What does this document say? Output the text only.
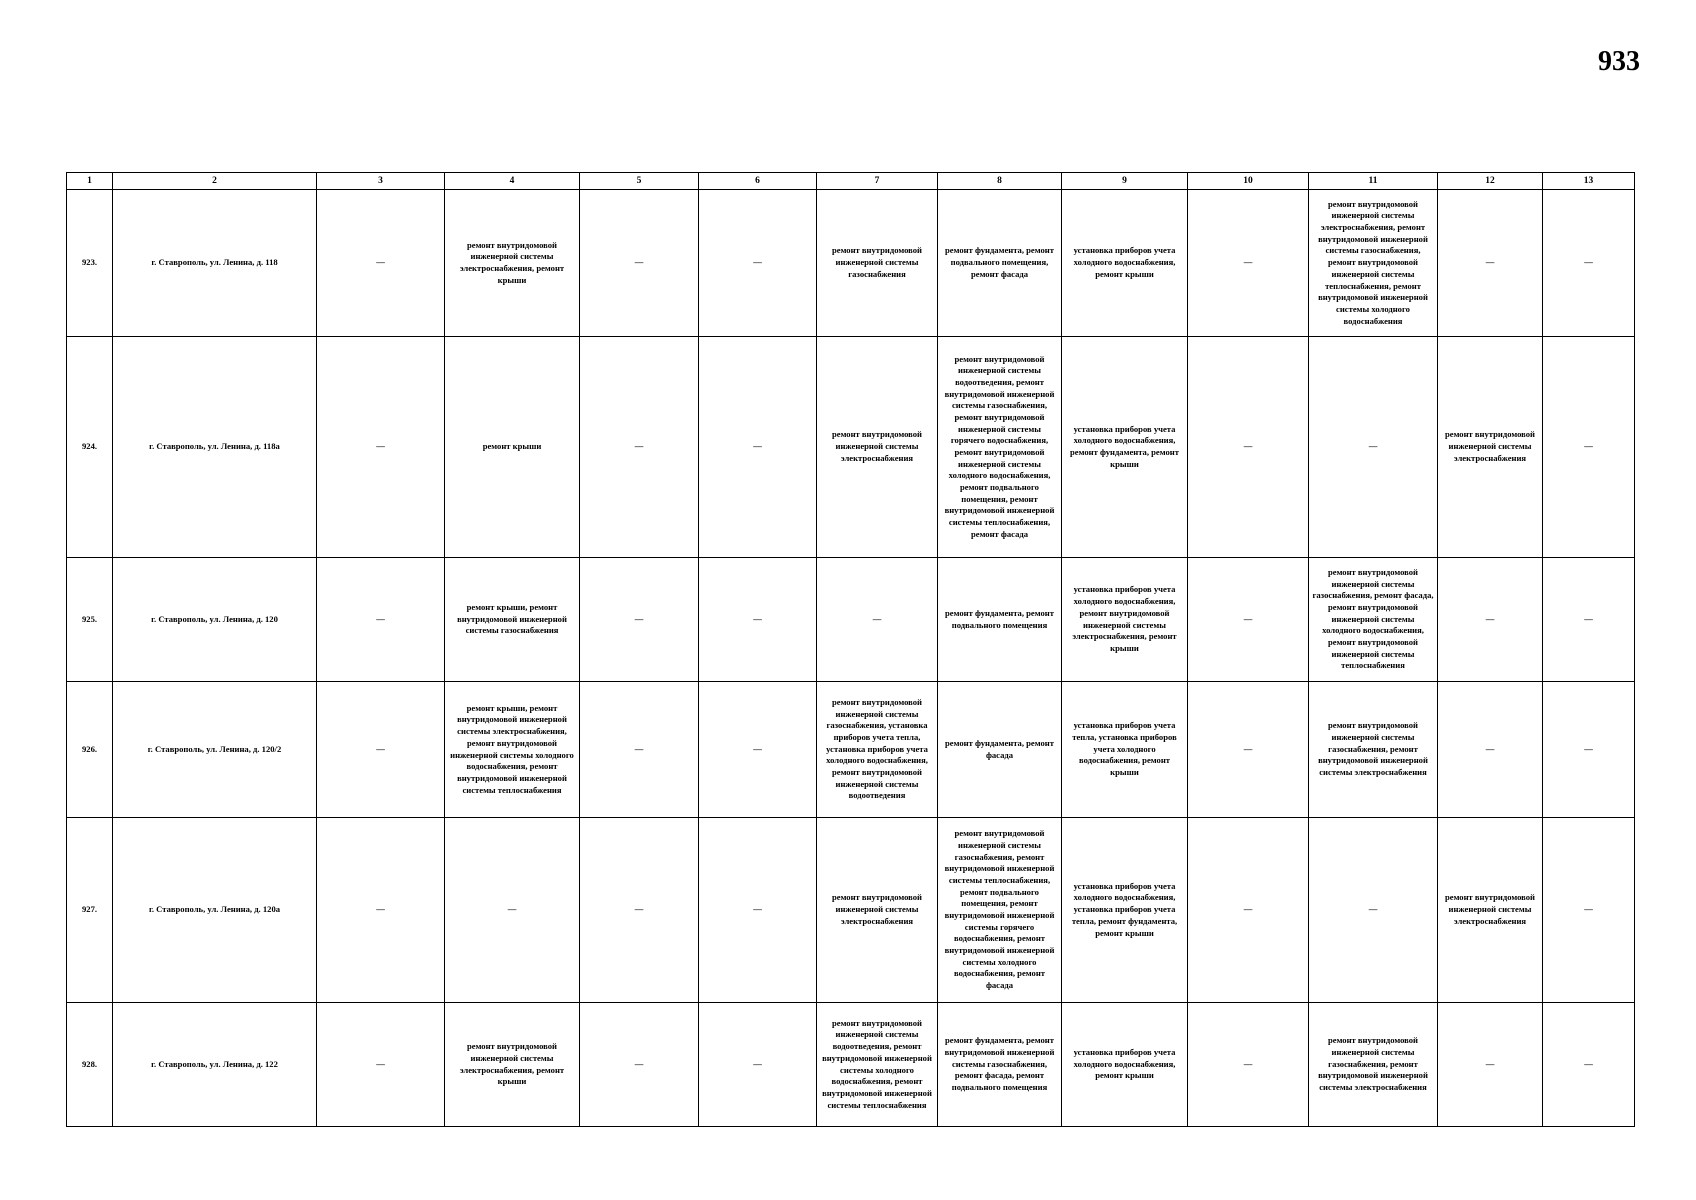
933
1	2	3	4	5	6	7	8	9	10	11	12	13
923.	г. Ставрополь, ул. Ленина, д. 118	—	ремонт внутридомовой инженерной системы электроснабжения, ремонт крыши	—	—	ремонт внутридомовой инженерной системы газоснабжения	ремонт фундамента, ремонт подвального помещения, ремонт фасада	установка приборов учета холодного водоснабжения, ремонт крыши	—	ремонт внутридомовой инженерной системы электроснабжения, ремонт внутридомовой инженерной системы газоснабжения, ремонт внутридомовой инженерной системы теплоснабжения, ремонт внутридомовой инженерной системы холодного водоснабжения	—	—
924.	г. Ставрополь, ул. Ленина, д. 118а	—	ремонт крыши	—	—	ремонт внутридомовой инженерной системы электроснабжения	ремонт внутридомовой инженерной системы водоотведения, ремонт внутридомовой инженерной системы газоснабжения, ремонт внутридомовой инженерной системы горячего водоснабжения, ремонт внутридомовой инженерной системы холодного водоснабжения, ремонт подвального помещения, ремонт внутридомовой инженерной системы теплоснабжения, ремонт фасада	установка приборов учета холодного водоснабжения, ремонт фундамента, ремонт крыши	—	—	ремонт внутридомовой инженерной системы электроснабжения	—
925.	г. Ставрополь, ул. Ленина, д. 120	—	ремонт крыши, ремонт внутридомовой инженерной системы газоснабжения	—	—	—	ремонт фундамента, ремонт подвального помещения	установка приборов учета холодного водоснабжения, ремонт внутридомовой инженерной системы электроснабжения, ремонт крыши	—	ремонт внутридомовой инженерной системы газоснабжения, ремонт фасада, ремонт внутридомовой инженерной системы холодного водоснабжения, ремонт внутридомовой инженерной системы теплоснабжения	—	—
926.	г. Ставрополь, ул. Ленина, д. 120/2	—	ремонт крыши, ремонт внутридомовой инженерной системы электроснабжения, ремонт внутридомовой инженерной системы холодного водоснабжения, ремонт внутридомовой инженерной системы теплоснабжения	—	—	ремонт внутридомовой инженерной системы газоснабжения, установка приборов учета тепла, установка приборов учета холодного водоснабжения, ремонт внутридомовой инженерной системы водоотведения	ремонт фундамента, ремонт фасада	установка приборов учета тепла, установка приборов учета холодного водоснабжения, ремонт крыши	—	ремонт внутридомовой инженерной системы газоснабжения, ремонт внутридомовой инженерной системы электроснабжения	—	—
927.	г. Ставрополь, ул. Ленина, д. 120а	—	—	—	—	ремонт внутридомовой инженерной системы электроснабжения	ремонт внутридомовой инженерной системы газоснабжения, ремонт внутридомовой инженерной системы теплоснабжения, ремонт подвального помещения, ремонт внутридомовой инженерной системы горячего водоснабжения, ремонт внутридомовой инженерной системы холодного водоснабжения, ремонт фасада	установка приборов учета холодного водоснабжения, установка приборов учета тепла, ремонт фундамента, ремонт крыши	—	—	ремонт внутридомовой инженерной системы электроснабжения	—
928.	г. Ставрополь, ул. Ленина, д. 122	—	ремонт внутридомовой инженерной системы электроснабжения, ремонт крыши	—	—	ремонт внутридомовой инженерной системы водоотведения, ремонт внутридомовой инженерной системы холодного водоснабжения, ремонт внутридомовой инженерной системы теплоснабжения	ремонт фундамента, ремонт внутридомовой инженерной системы газоснабжения, ремонт фасада, ремонт подвального помещения	установка приборов учета холодного водоснабжения, ремонт крыши	—	ремонт внутридомовой инженерной системы газоснабжения, ремонт внутридомовой инженерной системы электроснабжения	—	—
